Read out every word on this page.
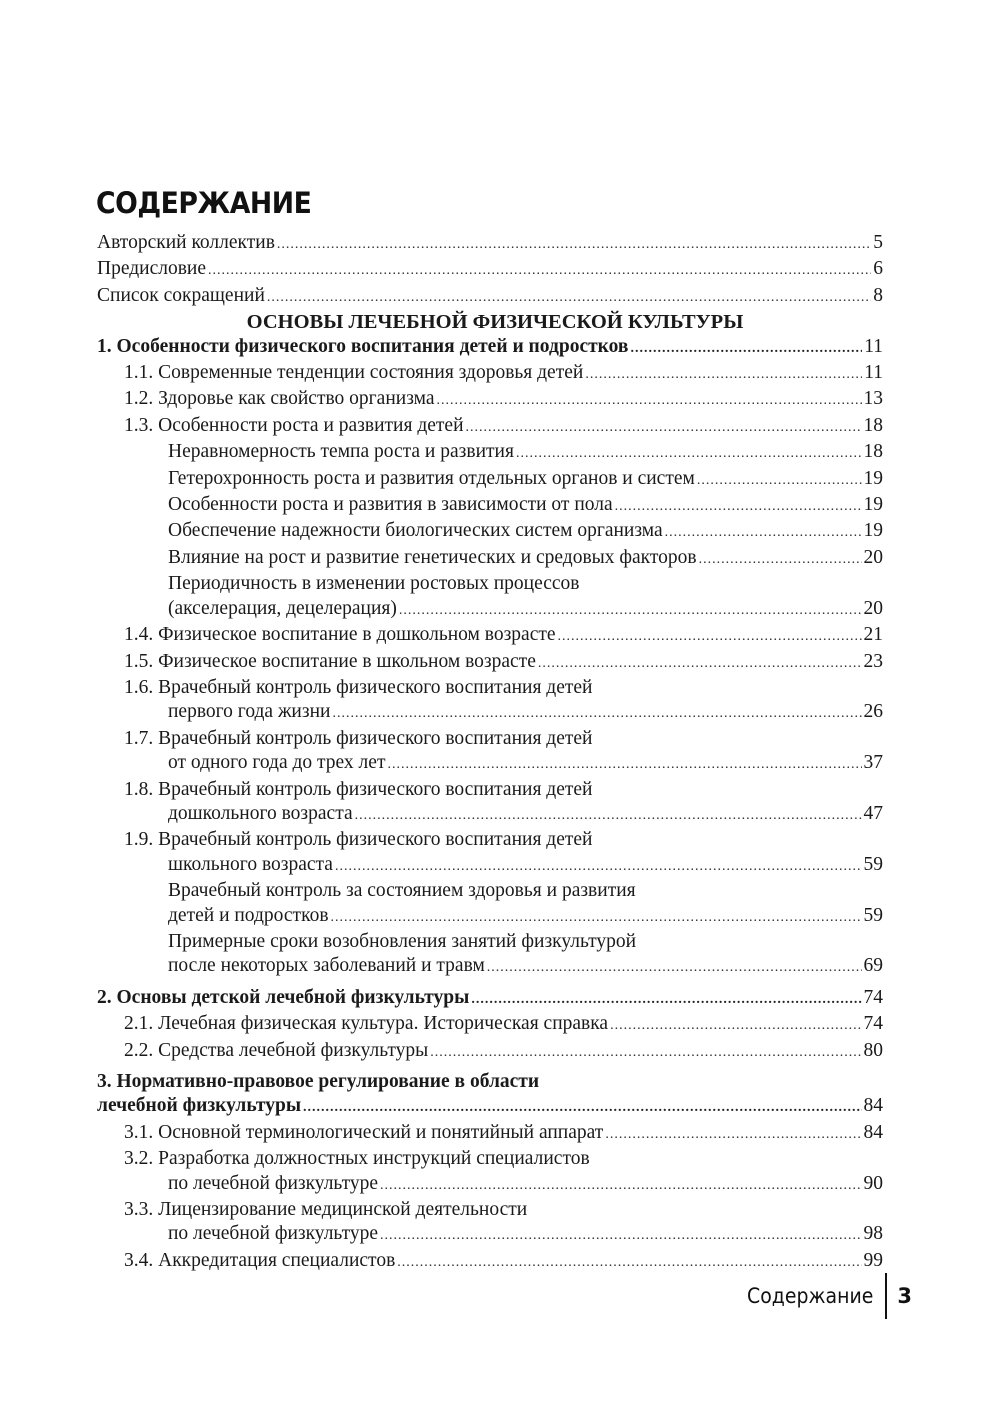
СОДЕРЖАНИЕ
Авторский коллектив .....	5
Предисловие .....	6
Список сокращений .....	8
ОСНОВЫ ЛЕЧЕБНОЙ ФИЗИЧЕСКОЙ КУЛЬТУРЫ
1. Особенности физического воспитания детей и подростков .....	11
1.1. Современные тенденции состояния здоровья детей .....	11
1.2. Здоровье как свойство организма .....	13
1.3. Особенности роста и развития детей .....	18
Неравномерность темпа роста и развития .....	18
Гетерохронность роста и развития отдельных органов и систем .....	19
Особенности роста и развития в зависимости от пола .....	19
Обеспечение надежности биологических систем организма .....	19
Влияние на рост и развитие генетических и средовых факторов .....	20
Периодичность в изменении ростовых процессов
(акселерация, децелерация) .....	20
1.4. Физическое воспитание в дошкольном возрасте .....	21
1.5. Физическое воспитание в школьном возрасте .....	23
1.6. Врачебный контроль физического воспитания детей
первого года жизни .....	26
1.7. Врачебный контроль физического воспитания детей
от одного года до трех лет .....	37
1.8. Врачебный контроль физического воспитания детей
дошкольного возраста .....	47
1.9. Врачебный контроль физического воспитания детей
школьного возраста .....	59
Врачебный контроль за состоянием здоровья и развития
детей и подростков .....	59
Примерные сроки возобновления занятий физкультурой
после некоторых заболеваний и травм .....	69
2. Основы детской лечебной физкультуры .....	74
2.1. Лечебная физическая культура. Историческая справка .....	74
2.2. Средства лечебной физкультуры .....	80
3. Нормативно-правовое регулирование в области
лечебной физкультуры .....	84
3.1. Основной терминологический и понятийный аппарат .....	84
3.2. Разработка должностных инструкций специалистов
по лечебной физкультуре .....	90
3.3. Лицензирование медицинской деятельности
по лечебной физкультуре .....	98
3.4. Аккредитация специалистов .....	99
Содержание 3
